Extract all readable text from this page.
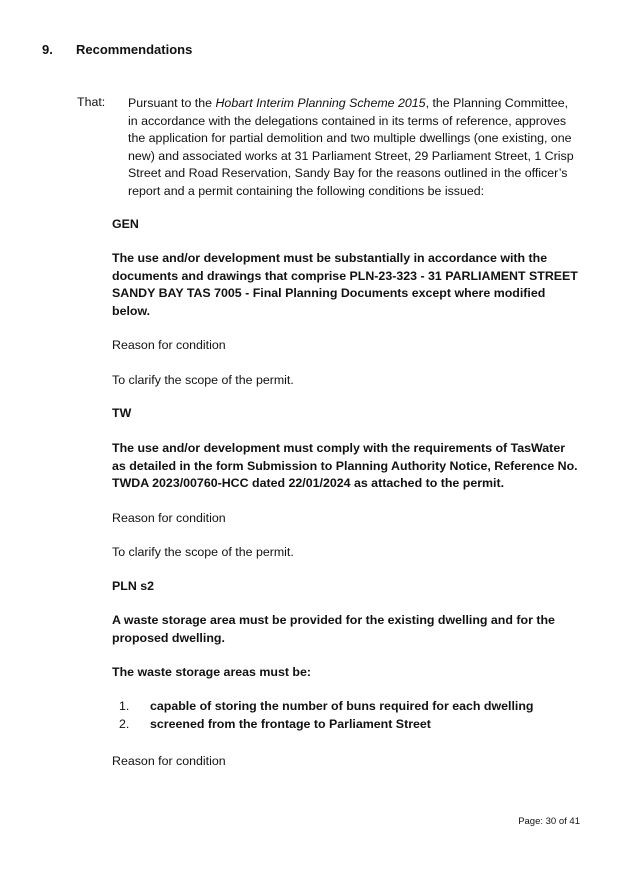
9. Recommendations
That: Pursuant to the Hobart Interim Planning Scheme 2015, the Planning Committee, in accordance with the delegations contained in its terms of reference, approves the application for partial demolition and two multiple dwellings (one existing, one new) and associated works at 31 Parliament Street, 29 Parliament Street, 1 Crisp Street and Road Reservation, Sandy Bay for the reasons outlined in the officer’s report and a permit containing the following conditions be issued:
GEN
The use and/or development must be substantially in accordance with the documents and drawings that comprise PLN-23-323 - 31 PARLIAMENT STREET SANDY BAY TAS 7005 - Final Planning Documents except where modified below.
Reason for condition
To clarify the scope of the permit.
TW
The use and/or development must comply with the requirements of TasWater as detailed in the form Submission to Planning Authority Notice, Reference No. TWDA 2023/00760-HCC dated 22/01/2024 as attached to the permit.
Reason for condition
To clarify the scope of the permit.
PLN s2
A waste storage area must be provided for the existing dwelling and for the proposed dwelling.
The waste storage areas must be:
1. capable of storing the number of buns required for each dwelling
2. screened from the frontage to Parliament Street
Reason for condition
Page: 30 of 41
